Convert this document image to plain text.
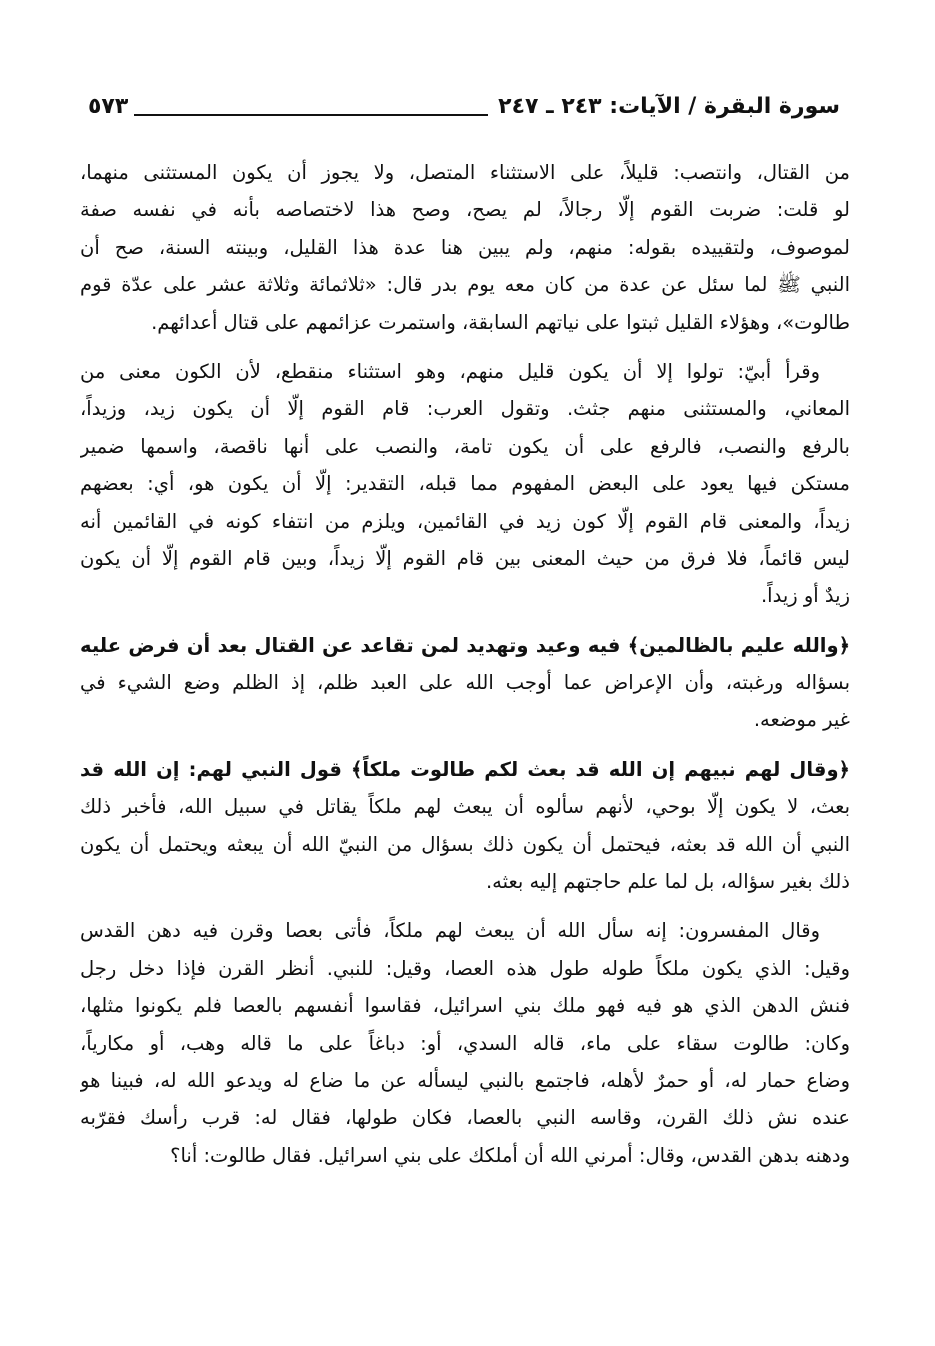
سورة البقرة / الآيات: ٢٤٣ ـ ٢٤٧
٥٧٣
من القتال، وانتصب: قليلاً، على الاستثناء المتصل، ولا يجوز أن يكون المستثنى منهما،
لو قلت: ضربت القوم إلّا رجالاً، لم يصح، وصح هذا لاختصاصه بأنه في نفسه صفة
لموصوف، ولتقييده بقوله: منهم، ولم يبين هنا عدة هذا القليل، وبينته السنة، صح أن
النبي ﷺ لما سئل عن عدة من كان معه يوم بدر قال: «ثلاثمائة وثلاثة عشر على عدّة قوم
طالوت»، وهؤلاء القليل ثبتوا على نياتهم السابقة، واستمرت عزائمهم على قتال أعدائهم.
وقرأ أبيّ: تولوا إلا أن يكون قليل منهم، وهو استثناء منقطع، لأن الكون معنى من
المعاني، والمستثنى منهم جثث. وتقول العرب: قام القوم إلّا أن يكون زيد، وزيداً،
بالرفع والنصب، فالرفع على أن يكون تامة، والنصب على أنها ناقصة، واسمها ضمير
مستكن فيها يعود على البعض المفهوم مما قبله، التقدير: إلّا أن يكون هو، أي: بعضهم
زيداً، والمعنى قام القوم إلّا كون زيد في القائمين، ويلزم من انتفاء كونه في القائمين أنه
ليس قائماً، فلا فرق من حيث المعنى بين قام القوم إلّا زيداً، وبين قام القوم إلّا أن يكون
زيدٌ أو زيداً.
﴿والله عليم بالظالمين﴾ فيه وعيد وتهديد لمن تقاعد عن القتال بعد أن فرض عليه
بسؤاله ورغبته، وأن الإعراض عما أوجب الله على العبد ظلم، إذ الظلم وضع الشيء في
غير موضعه.
﴿وقال لهم نبيهم إن الله قد بعث لكم طالوت ملكاً﴾ قول النبي لهم: إن الله قد
بعث، لا يكون إلّا بوحي، لأنهم سألوه أن يبعث لهم ملكاً يقاتل في سبيل الله، فأخبر ذلك
النبي أن الله قد بعثه، فيحتمل أن يكون ذلك بسؤال من النبيّ الله أن يبعثه ويحتمل أن يكون
ذلك بغير سؤاله، بل لما علم حاجتهم إليه بعثه.
وقال المفسرون: إنه سأل الله أن يبعث لهم ملكاً، فأتى بعصا وقرن فيه دهن القدس
وقيل: الذي يكون ملكاً طوله طول هذه العصا، وقيل: للنبي. أنظر القرن فإذا دخل رجل
فنش الدهن الذي هو فيه فهو ملك بني اسرائيل، فقاسوا أنفسهم بالعصا فلم يكونوا مثلها،
وكان: طالوت سقاء على ماء، قاله السدي، أو: دباغاً على ما قاله وهب، أو مكارياً،
وضاع حمار له، أو حمرٌ لأهله، فاجتمع بالنبي ليسأله عن ما ضاع له ويدعو الله له، فبينا هو
عنده نش ذلك القرن، وقاسه النبي بالعصا، فكان طولها، فقال له: قرب رأسك فقرّبه
ودهنه بدهن القدس، وقال: أمرني الله أن أملكك على بني اسرائيل. فقال طالوت: أنا؟
